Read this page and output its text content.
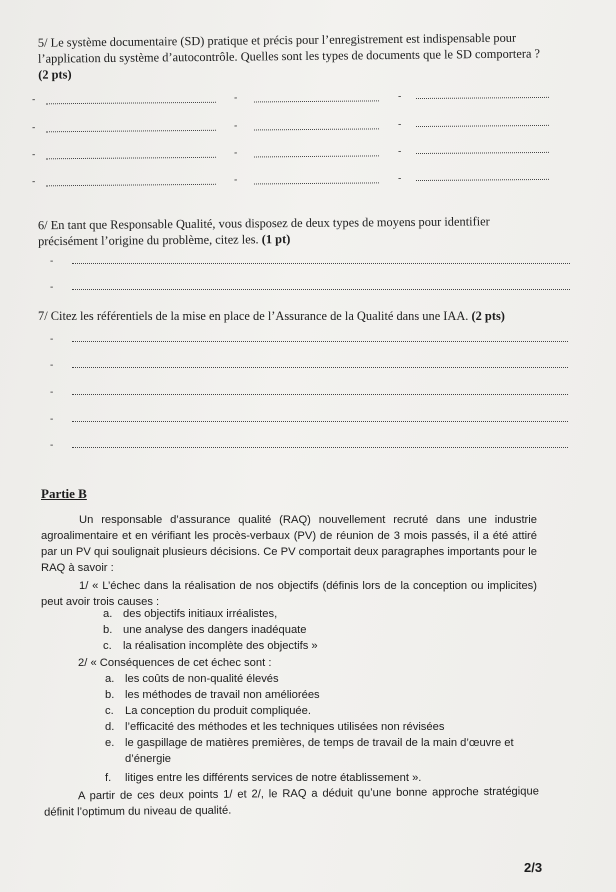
5/ Le système documentaire (SD) pratique et précis pour l’enregistrement est indispensable pour l’application du système d’autocontrôle. Quelles sont les types de documents que le SD comportera ? (2 pts)
-	-	-
-	-	-
-	-	-
-	-	-
6/ En tant que Responsable Qualité, vous disposez de deux types de moyens pour identifier précisément l’origine du problème, citez les. (1 pt)
-
-
7/ Citez les référentiels de la mise en place de l’Assurance de la Qualité dans une IAA. (2 pts)
-
-
-
-
-
Partie B
Un responsable d’assurance qualité (RAQ) nouvellement recruté dans une industrie agroalimentaire et en vérifiant les procès-verbaux (PV) de réunion de 3 mois passés, il a été attiré par un PV qui soulignait plusieurs décisions. Ce PV comportait deux paragraphes importants pour le RAQ à savoir :
1/ « L’échec dans la réalisation de nos objectifs (définis lors de la conception ou implicites) peut avoir trois causes :
a. des objectifs initiaux irréalistes,
b. une analyse des dangers inadéquate
c. la réalisation incomplète des objectifs »
2/ « Conséquences de cet échec sont :
a. les coûts de non-qualité élevés
b. les méthodes de travail non améliorées
c. La conception du produit compliquée.
d. l’efficacité des méthodes et les techniques utilisées non révisées
e. le gaspillage de matières premières, de temps de travail de la main d’œuvre et d’énergie
f. litiges entre les différents services de notre établissement ».
A partir de ces deux points 1/ et 2/, le RAQ a déduit qu’une bonne approche stratégique définit l’optimum du niveau de qualité.
2/3
